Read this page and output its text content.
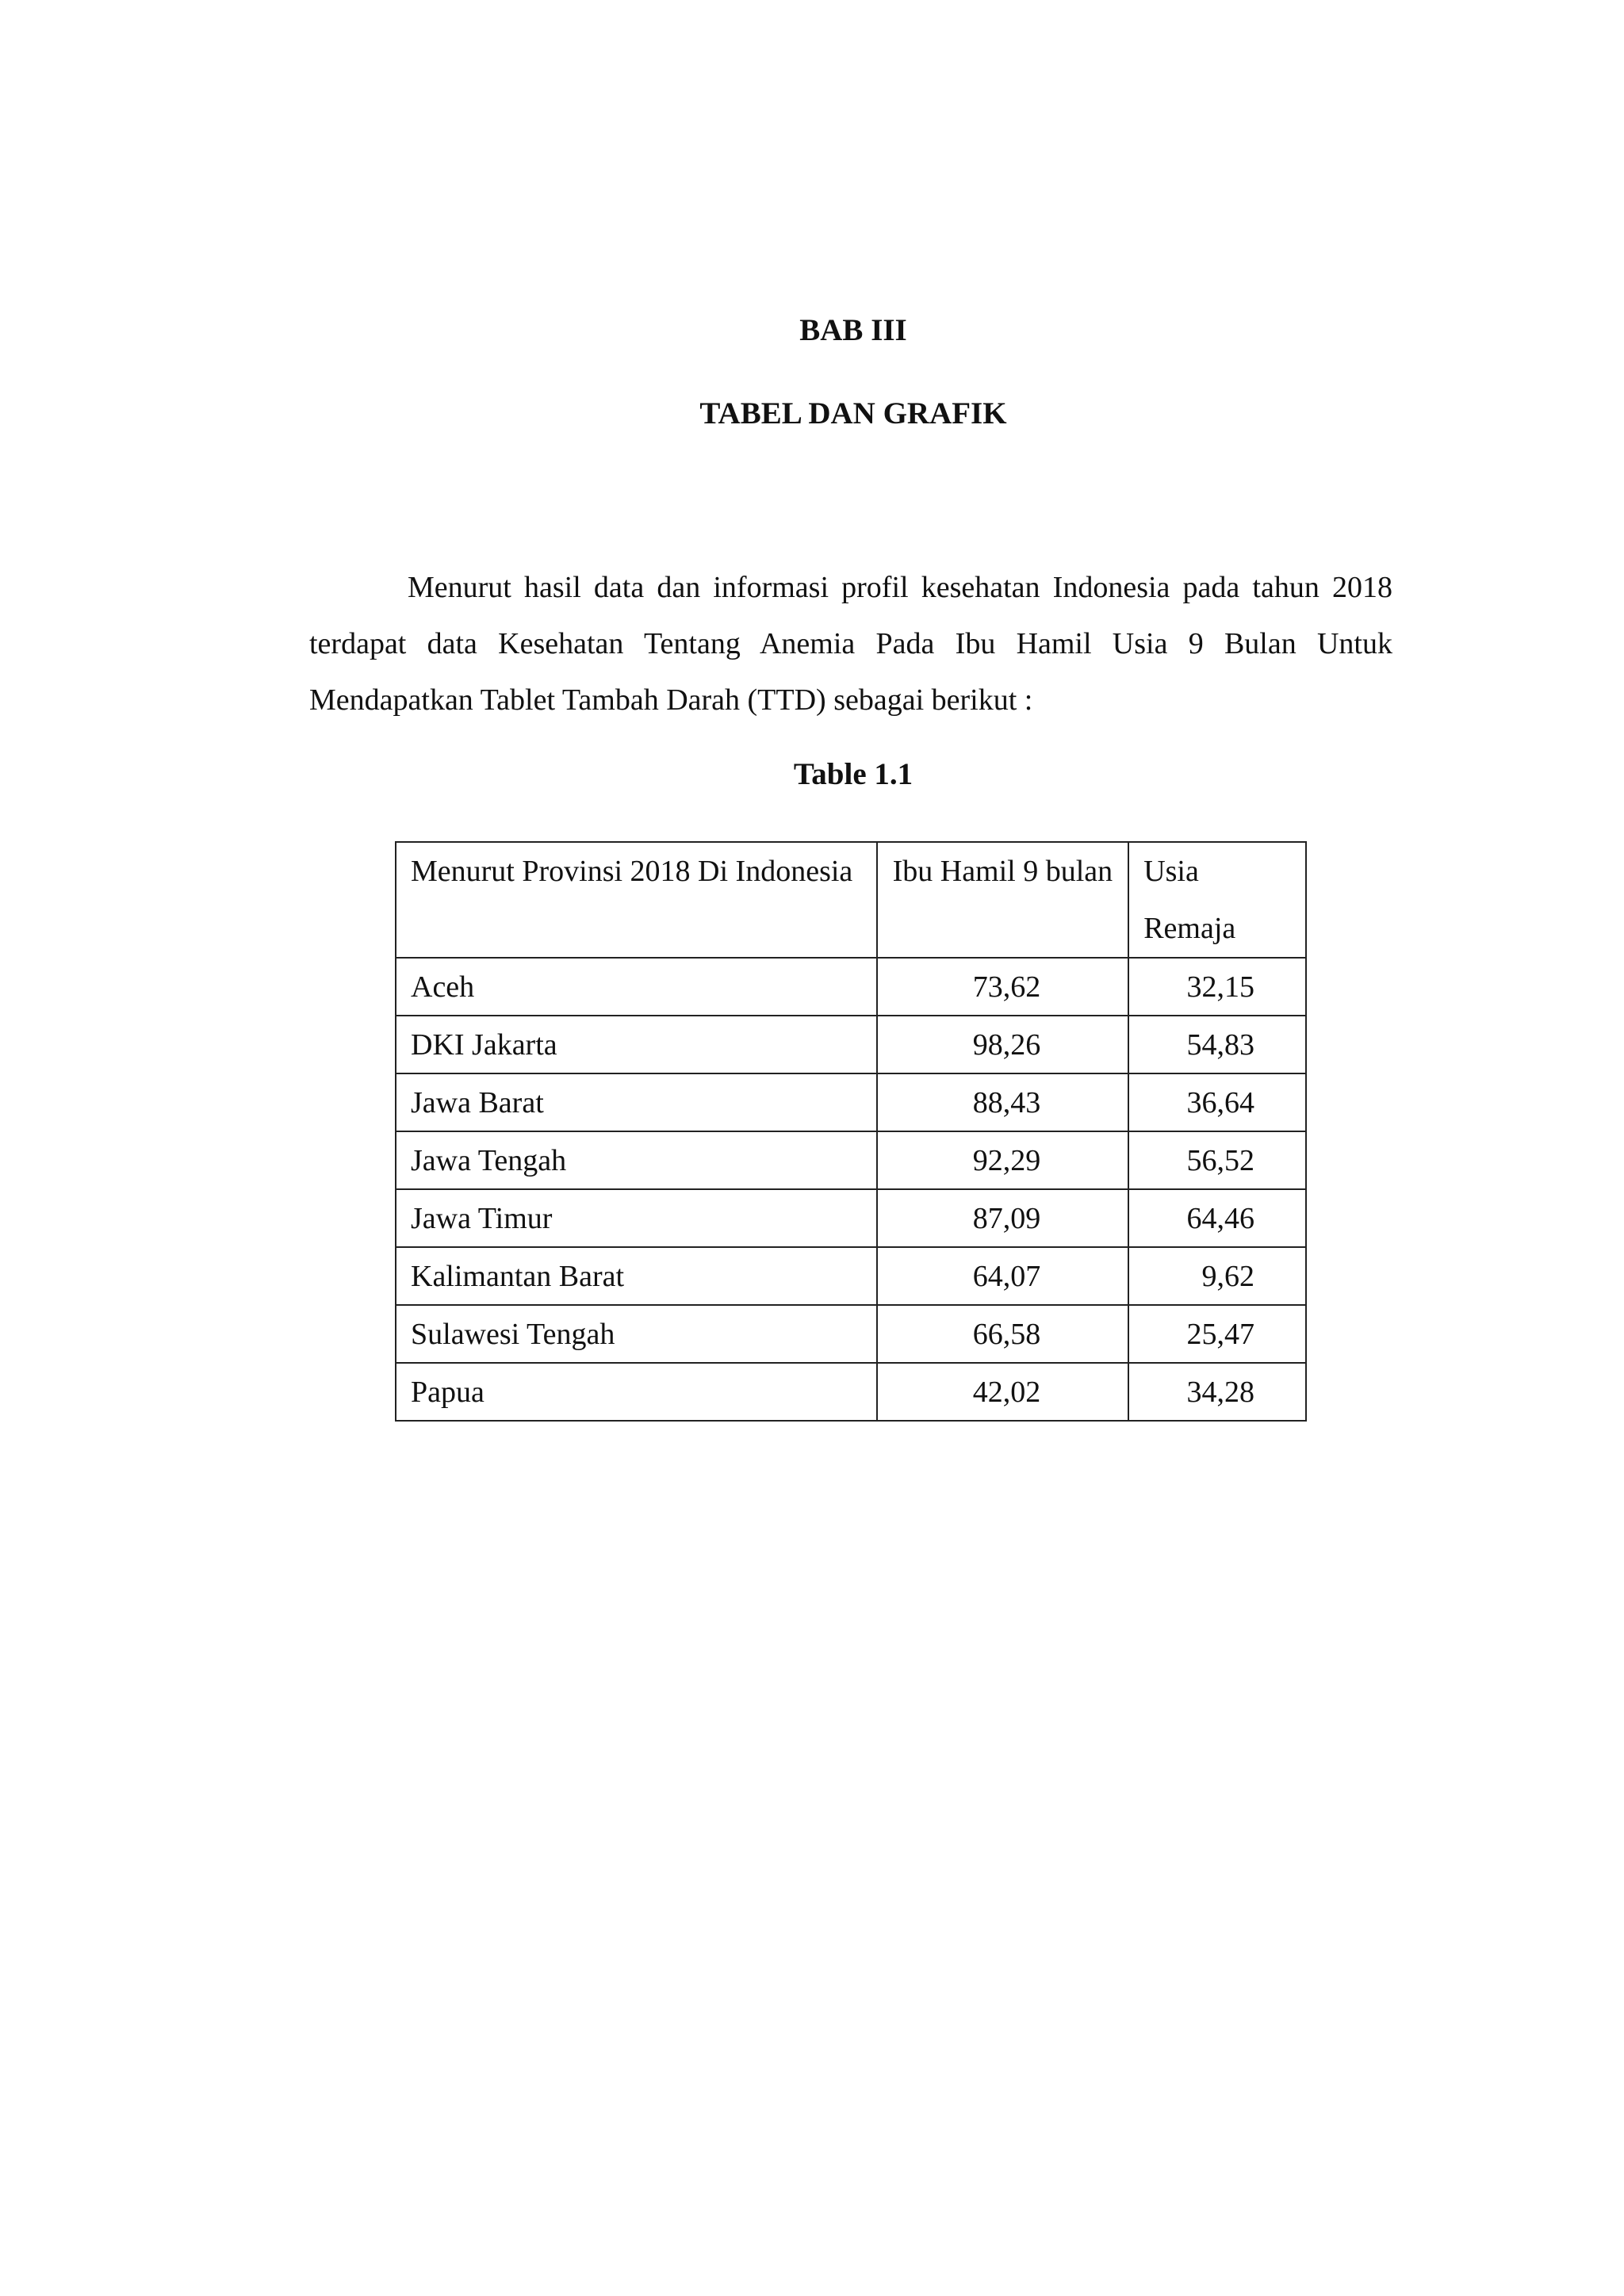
BAB III
TABEL DAN GRAFIK

Menurut hasil data dan informasi profil kesehatan Indonesia pada tahun 2018 terdapat data Kesehatan Tentang Anemia Pada Ibu Hamil Usia 9 Bulan Untuk Mendapatkan Tablet Tambah Darah (TTD) sebagai berikut :

Table 1.1

Menurut Provinsi 2018 Di Indonesia	Ibu Hamil 9 bulan	Usia Remaja
Aceh	73,62	32,15
DKI Jakarta	98,26	54,83
Jawa Barat	88,43	36,64
Jawa Tengah	92,29	56,52
Jawa Timur	87,09	64,46
Kalimantan Barat	64,07	9,62
Sulawesi Tengah	66,58	25,47
Papua	42,02	34,28
